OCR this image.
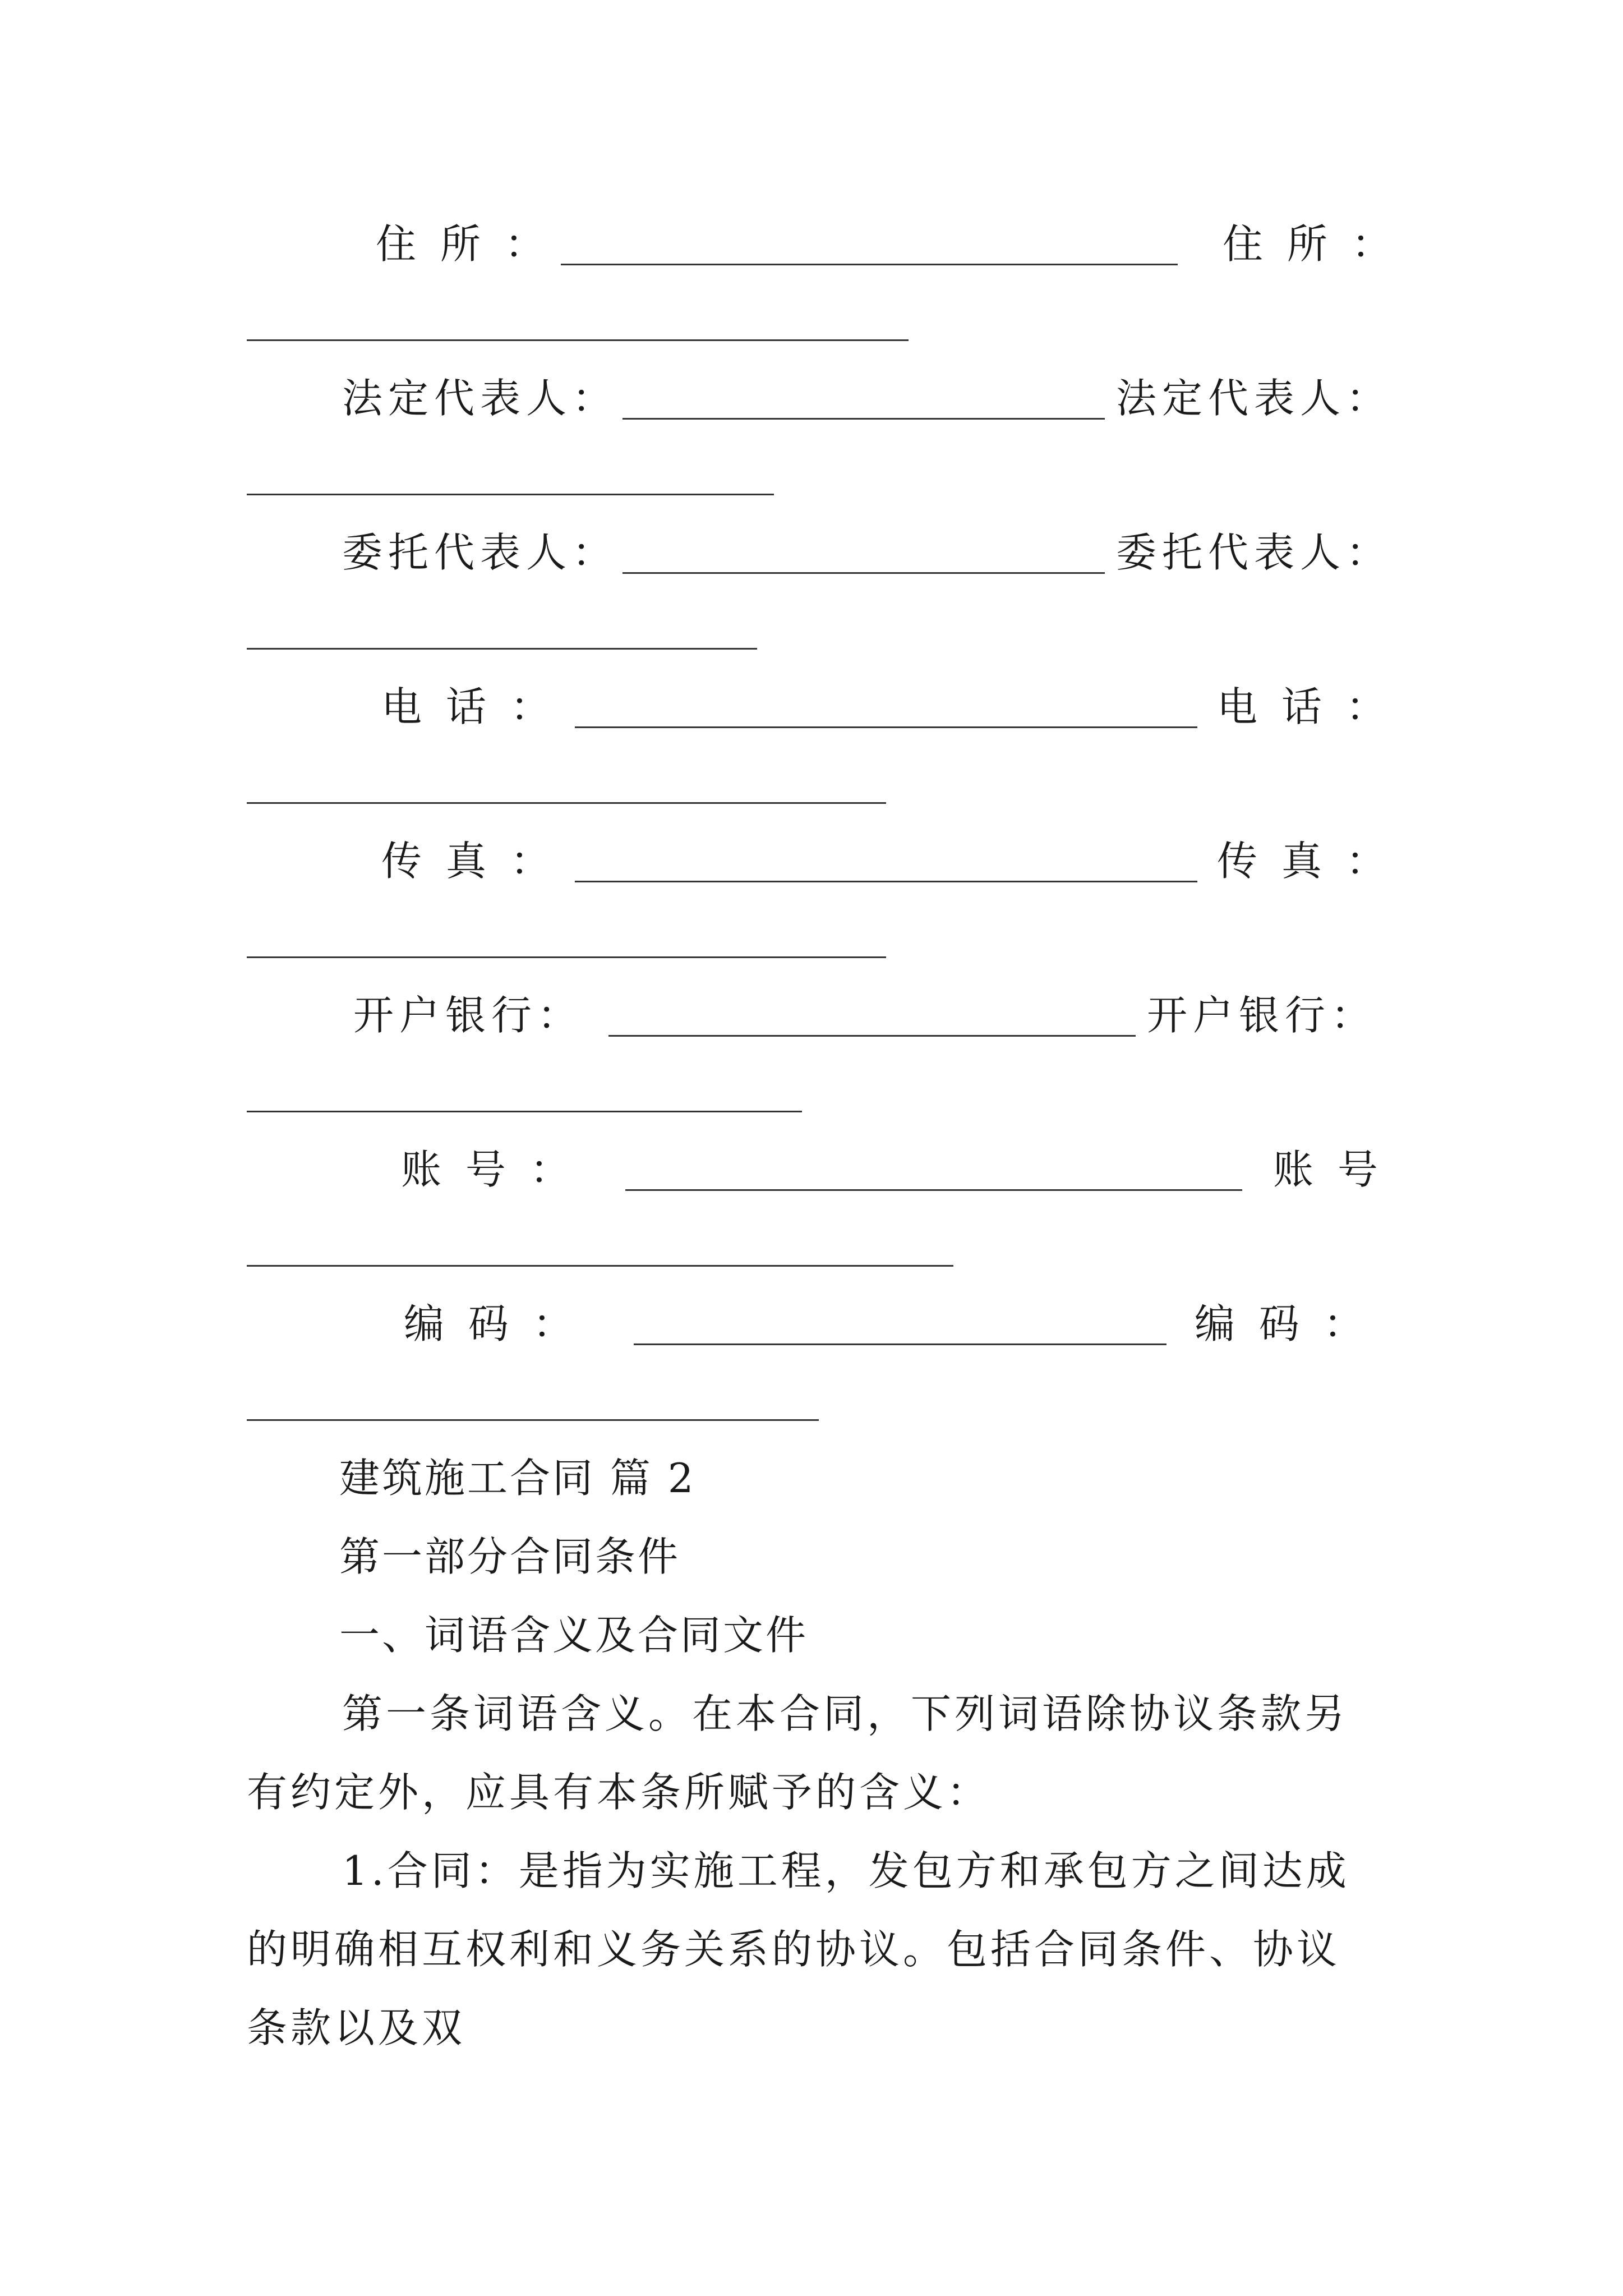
住 所 ：	住 所 ：
法定代表人：	法定代表人：
委托代表人：	委托代表人：
电 话 ：	电 话 ：
传 真 ：	传 真 ：
开户银行：	开户银行：
账 号 ：	账 号
编 码 ：	编 码 ：
建筑施工合同 篇 2
第一部分合同条件
一、词语含义及合同文件
第一条词语含义。在本合同，下列词语除协议条款另有约定外，应具有本条所赋予的含义：
1.合同：是指为实施工程，发包方和承包方之间达成的明确相互权利和义务关系的协议。包括合同条件、协议条款以及双
